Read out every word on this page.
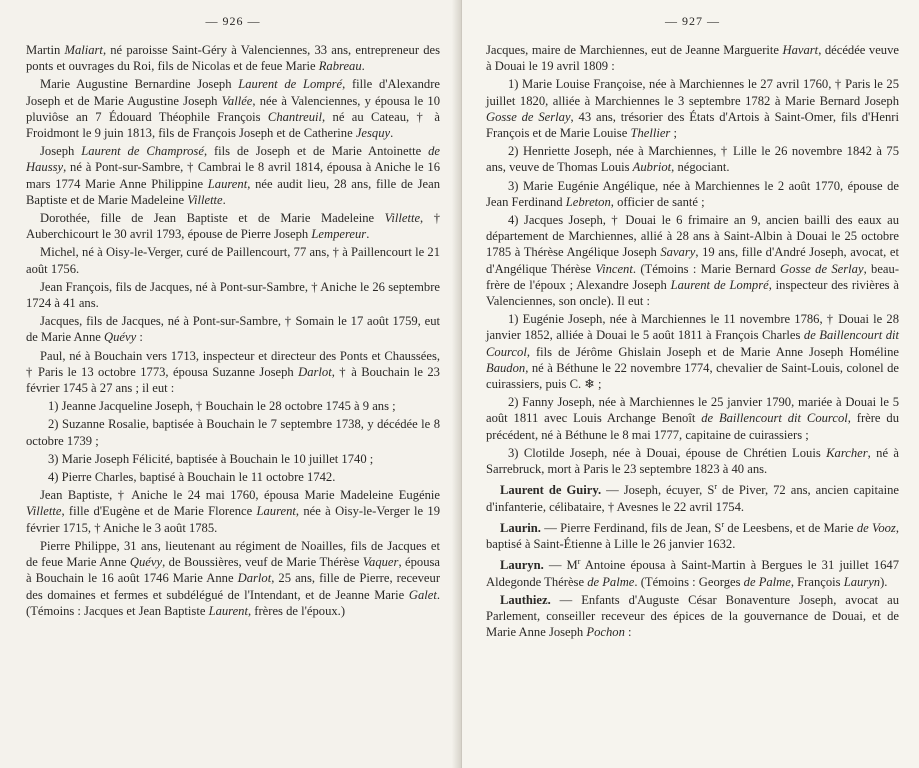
— 926 —

Martin Maliart, né paroisse Saint-Géry à Valenciennes, 33 ans, entrepreneur des ponts et ouvrages du Roi, fils de Nicolas et de feue Marie Rabreau.

Marie Augustine Bernardine Joseph Laurent de Lompré, fille d'Alexandre Joseph et de Marie Augustine Joseph Vallée, née à Valenciennes, y épousa le 10 pluviôse an 7 Édouard Théophile François Chantreuil, né au Cateau, † à Froidmont le 9 juin 1813, fils de François Joseph et de Catherine Jesquy.

Joseph Laurent de Champrosé, fils de Joseph et de Marie Antoinette de Haussy, né à Pont-sur-Sambre, † Cambrai le 8 avril 1814, épousa à Aniche le 16 mars 1774 Marie Anne Philippine Laurent, née audit lieu, 28 ans, fille de Jean Baptiste et de Marie Madeleine Villette.

Dorothée, fille de Jean Baptiste et de Marie Madeleine Villette, † Auberchicourt le 30 avril 1793, épouse de Pierre Joseph Lempereur.

Michel, né à Oisy-le-Verger, curé de Paillencourt, 77 ans, † à Paillencourt le 21 août 1756.

Jean François, fils de Jacques, né à Pont-sur-Sambre, † Aniche le 26 septembre 1724 à 41 ans.

Jacques, fils de Jacques, né à Pont-sur-Sambre, † Somain le 17 août 1759, eut de Marie Anne Quévy :

Paul, né à Bouchain vers 1713, inspecteur et directeur des Ponts et Chaussées, † Paris le 13 octobre 1773, épousa Suzanne Joseph Darlot, † à Bouchain le 23 février 1745 à 27 ans ; il eut :

1) Jeanne Jacqueline Joseph, † Bouchain le 28 octobre 1745 à 9 ans ;

2) Suzanne Rosalie, baptisée à Bouchain le 7 septembre 1738, y décédée le 8 octobre 1739 ;

3) Marie Joseph Félicité, baptisée à Bouchain le 10 juillet 1740 ;

4) Pierre Charles, baptisé à Bouchain le 11 octobre 1742.

Jean Baptiste, † Aniche le 24 mai 1760, épousa Marie Madeleine Eugénie Villette, fille d'Eugène et de Marie Florence Laurent, née à Oisy-le-Verger le 19 février 1715, † Aniche le 3 août 1785.

Pierre Philippe, 31 ans, lieutenant au régiment de Noailles, fils de Jacques et de feue Marie Anne Quévy, de Boussières, veuf de Marie Thérèse Vaquer, épousa à Bouchain le 16 août 1746 Marie Anne Darlot, 25 ans, fille de Pierre, receveur des domaines et fermes et subdélégué de l'Intendant, et de Jeanne Marie Galet. (Témoins : Jacques et Jean Baptiste Laurent, frères de l'époux.)

— 927 —

Jacques, maire de Marchiennes, eut de Jeanne Marguerite Havart, décédée veuve à Douai le 19 avril 1809 :

1) Marie Louise Françoise, née à Marchiennes le 27 avril 1760, † Paris le 25 juillet 1820, alliée à Marchiennes le 3 septembre 1782 à Marie Bernard Joseph Gosse de Serlay, 43 ans, trésorier des États d'Artois à Saint-Omer, fils d'Henri François et de Marie Louise Thellier ;

2) Henriette Joseph, née à Marchiennes, † Lille le 26 novembre 1842 à 75 ans, veuve de Thomas Louis Aubriot, négociant.

3) Marie Eugénie Angélique, née à Marchiennes le 2 août 1770, épouse de Jean Ferdinand Lebreton, officier de santé ;

4) Jacques Joseph, † Douai le 6 frimaire an 9, ancien bailli des eaux au département de Marchiennes, allié à 28 ans à Saint-Albin à Douai le 25 octobre 1785 à Thérèse Angélique Joseph Savary, 19 ans, fille d'André Joseph, avocat, et d'Angélique Thérèse Vincent. (Témoins : Marie Bernard Gosse de Serlay, beau-frère de l'époux ; Alexandre Joseph Laurent de Lompré, inspecteur des rivières à Valenciennes, son oncle). Il eut :

1) Eugénie Joseph, née à Marchiennes le 11 novembre 1786, † Douai le 28 janvier 1852, alliée à Douai le 5 août 1811 à François Charles de Baillencourt dit Courcol, fils de Jérôme Ghislain Joseph et de Marie Anne Joseph Homéline Baudon, né à Béthune le 22 novembre 1774, chevalier de Saint-Louis, colonel de cuirassiers, puis C. ❄ ;

2) Fanny Joseph, née à Marchiennes le 25 janvier 1790, mariée à Douai le 5 août 1811 avec Louis Archange Benoît de Baillencourt dit Courcol, frère du précédent, né à Béthune le 8 mai 1777, capitaine de cuirassiers ;

3) Clotilde Joseph, née à Douai, épouse de Chrétien Louis Karcher, né à Sarrebruck, mort à Paris le 23 septembre 1823 à 40 ans.

Laurent de Guiry. — Joseph, écuyer, $S^r$ de Piver, 72 ans, ancien capitaine d'infanterie, célibataire, † Avesnes le 22 avril 1754.

Laurin. — Pierre Ferdinand, fils de Jean, $S^r$ de Leesbens, et de Marie de Vooz, baptisé à Saint-Étienne à Lille le 26 janvier 1632.

Lauryn. — $M^r$ Antoine épousa à Saint-Martin à Bergues le 31 juillet 1647 Aldegonde Thérèse de Palme. (Témoins : Georges de Palme, François Lauryn).

Lauthiez. — Enfants d'Auguste César Bonaventure Joseph, avocat au Parlement, conseiller receveur des épices de la gouvernance de Douai, et de Marie Anne Joseph Pochon :
